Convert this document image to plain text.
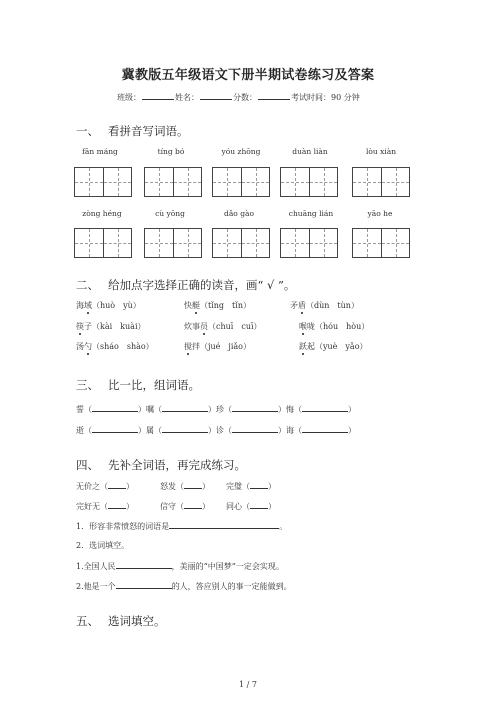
冀教版五年级语文下册半期试卷练习及答案
班级：	姓名：	分数：	考试时间：90 分钟
一、 看拼音写词语。
fān máng	tíng bó	yóu zhōng	duàn liàn	lòu xiàn
zòng héng	cù yōng	dǎo gào	chuāng lián	yāo he
二、 给加点字选择正确的读音，画“ √ ”。
海域（huò　yù）	快艇（tǐng　tǐn）	矛盾（dùn　tùn）
筷子（kài　kuài）	炊事员（chuī　cuī）	喉咙（hóu　hòu）
汤勺（sháo　shào）	搅拌（jué　jiǎo）	跃起（yuè　yǎo）
三、 比一比，组词语。
誓（	）嘱（	）珍（	）悔（	）
逝（	）属（	）诊（	）诲（	）
四、 先补全词语，再完成练习。
无价之（ ）	怒发（ ） 完璧（ ）
完好无（ ）	信守（ ） 同心（ ）
1．形容非常愤怒的词语是	。
2．选词填空。
1.全国人民	，美丽的“中国梦”一定会实现。
2.他是一个	的人，答应别人的事一定能做到。
五、 选词填空。
1 / 7
